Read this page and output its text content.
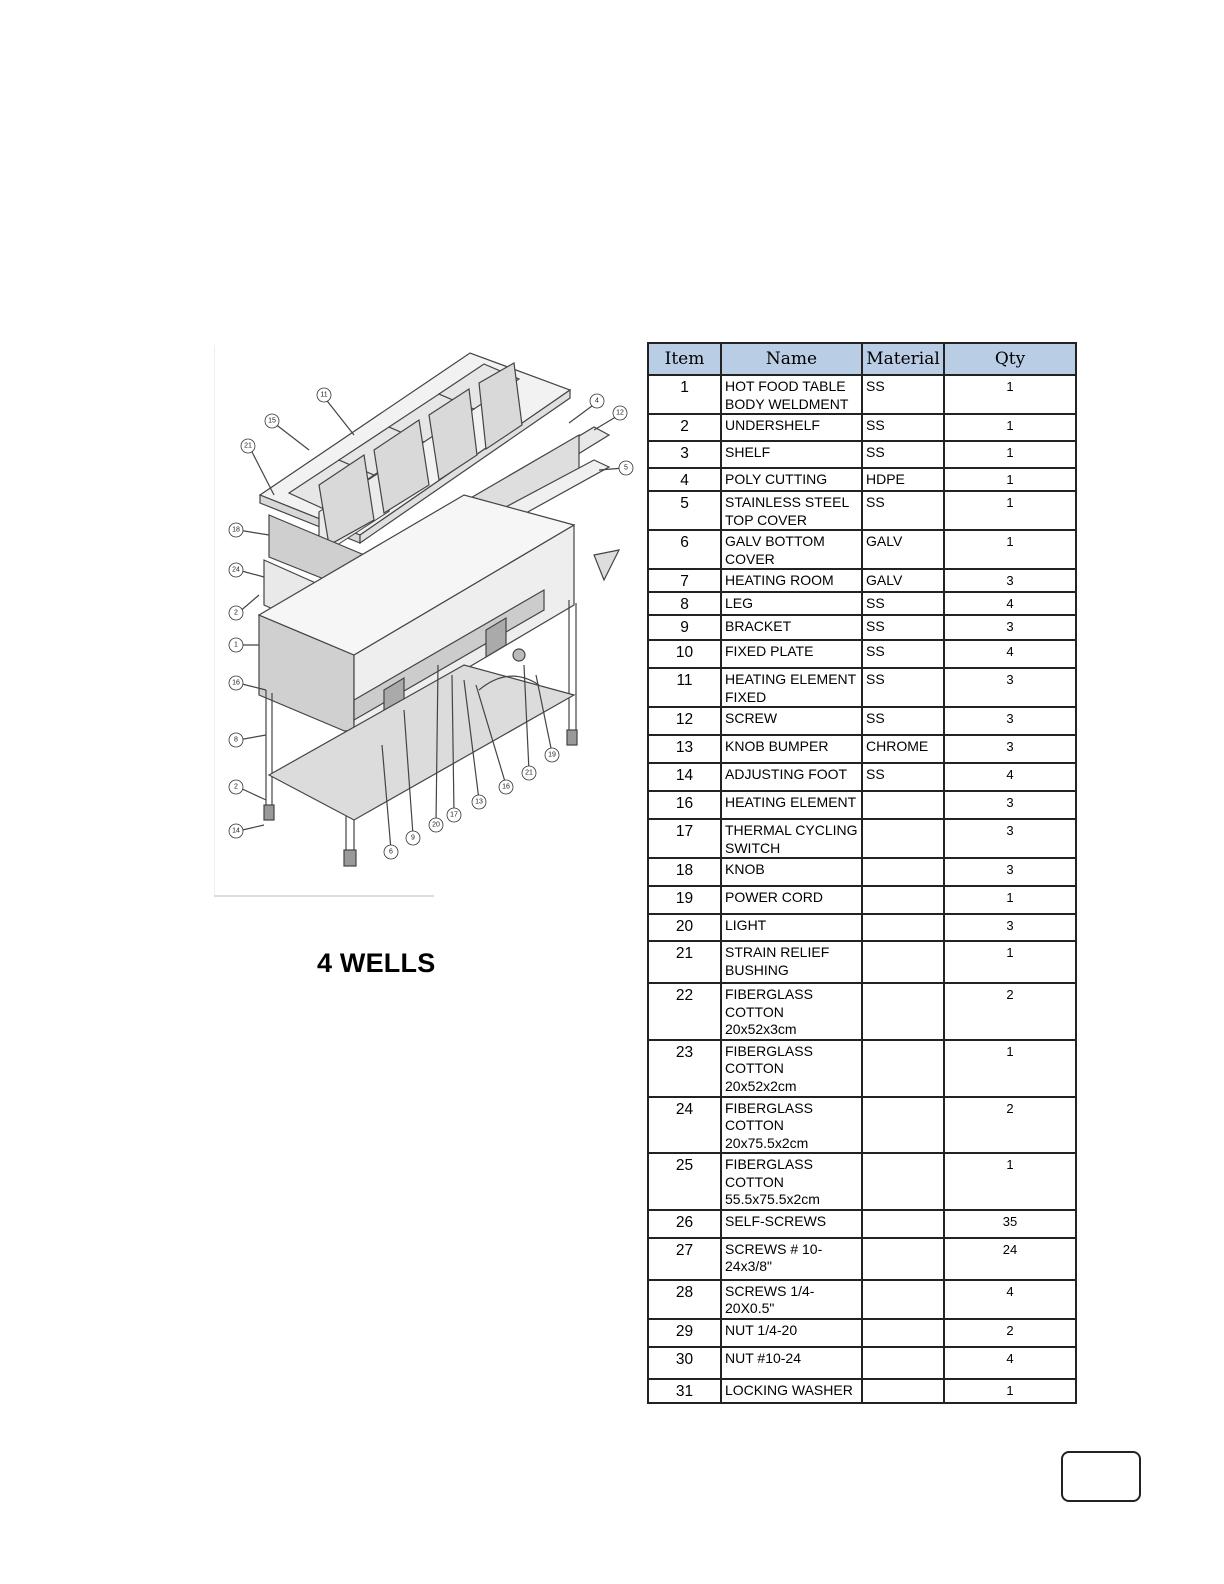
11
15
21
18
24
2
1
16
8
2
14
4
12
5
6
9
20
17
13
16
21
19
4 WELLS
Item	Name	Material	Qty
1	HOT FOOD TABLE BODY WELDMENT	SS	1
2	UNDERSHELF	SS	1
3	SHELF	SS	1
4	POLY CUTTING	HDPE	1
5	STAINLESS STEEL TOP COVER	SS	1
6	GALV BOTTOM COVER	GALV	1
7	HEATING ROOM	GALV	3
8	LEG	SS	4
9	BRACKET	SS	3
10	FIXED PLATE	SS	4
11	HEATING ELEMENT FIXED	SS	3
12	SCREW	SS	3
13	KNOB BUMPER	CHROME	3
14	ADJUSTING FOOT	SS	4
16	HEATING ELEMENT		3
17	THERMAL CYCLING SWITCH		3
18	KNOB		3
19	POWER CORD		1
20	LIGHT		3
21	STRAIN RELIEF BUSHING		1
22	FIBERGLASS COTTON 20x52x3cm		2
23	FIBERGLASS COTTON 20x52x2cm		1
24	FIBERGLASS COTTON 20x75.5x2cm		2
25	FIBERGLASS COTTON 55.5x75.5x2cm		1
26	SELF-SCREWS		35
27	SCREWS # 10-24x3/8"		24
28	SCREWS 1/4-20X0.5"		4
29	NUT 1/4-20		2
30	NUT #10-24		4
31	LOCKING WASHER		1
